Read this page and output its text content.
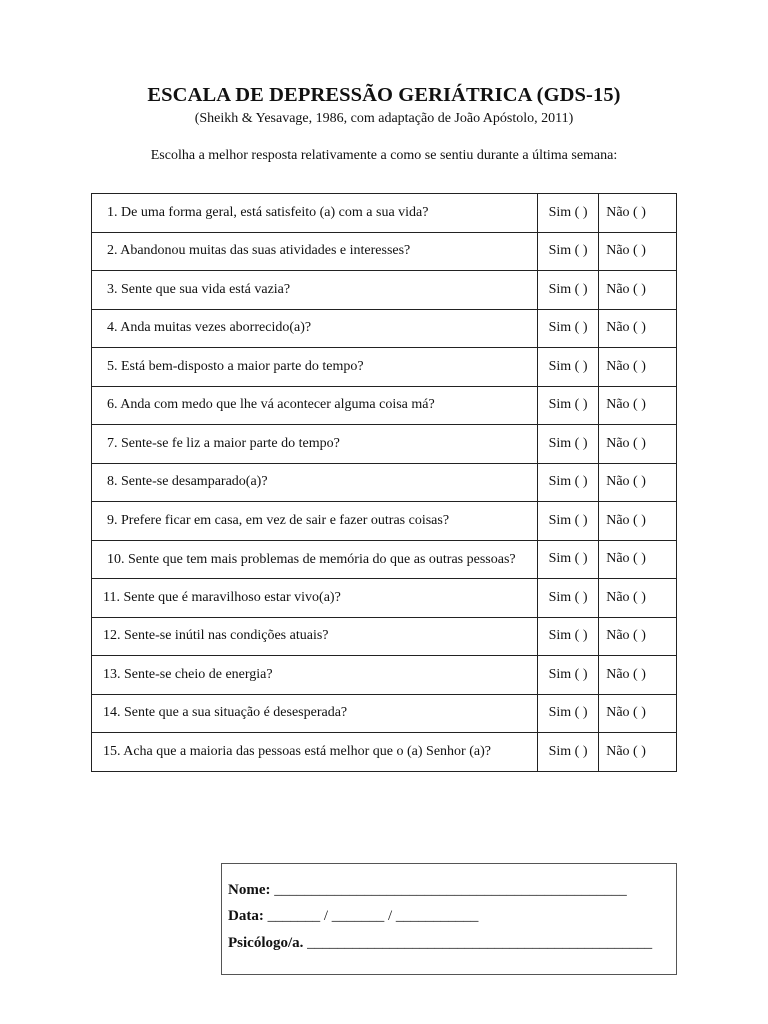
ESCALA DE DEPRESSÃO GERIÁTRICA (GDS-15)
(Sheikh & Yesavage, 1986, com adaptação de João Apóstolo, 2011)
Escolha a melhor resposta relativamente a como se sentiu durante a última semana:
1. De uma forma geral, está satisfeito (a) com a sua vida?	Sim ( )	Não ( )
2. Abandonou muitas das suas atividades e interesses?	Sim ( )	Não ( )
3. Sente que sua vida está vazia?	Sim ( )	Não ( )
4. Anda muitas vezes aborrecido(a)?	Sim ( )	Não ( )
5. Está bem-disposto a maior parte do tempo?	Sim ( )	Não ( )
6. Anda com medo que lhe vá acontecer alguma coisa má?	Sim ( )	Não ( )
7. Sente-se fe liz a maior parte do tempo?	Sim ( )	Não ( )
8. Sente-se desamparado(a)?	Sim ( )	Não ( )
9. Prefere ficar em casa, em vez de sair e fazer outras coisas?	Sim ( )	Não ( )
10. Sente que tem mais problemas de memória do que as outras pessoas?	Sim ( )	Não ( )
11. Sente que é maravilhoso estar vivo(a)?	Sim ( )	Não ( )
12. Sente-se inútil nas condições atuais?	Sim ( )	Não ( )
13. Sente-se cheio de energia?	Sim ( )	Não ( )
14. Sente que a sua situação é desesperada?	Sim ( )	Não ( )
15. Acha que a maioria das pessoas está melhor que o (a) Senhor (a)?	Sim ( )	Não ( )
Nome: _______________________________________________
Data: _______ / _______ / ___________
Psicólogo/a. ______________________________________________
